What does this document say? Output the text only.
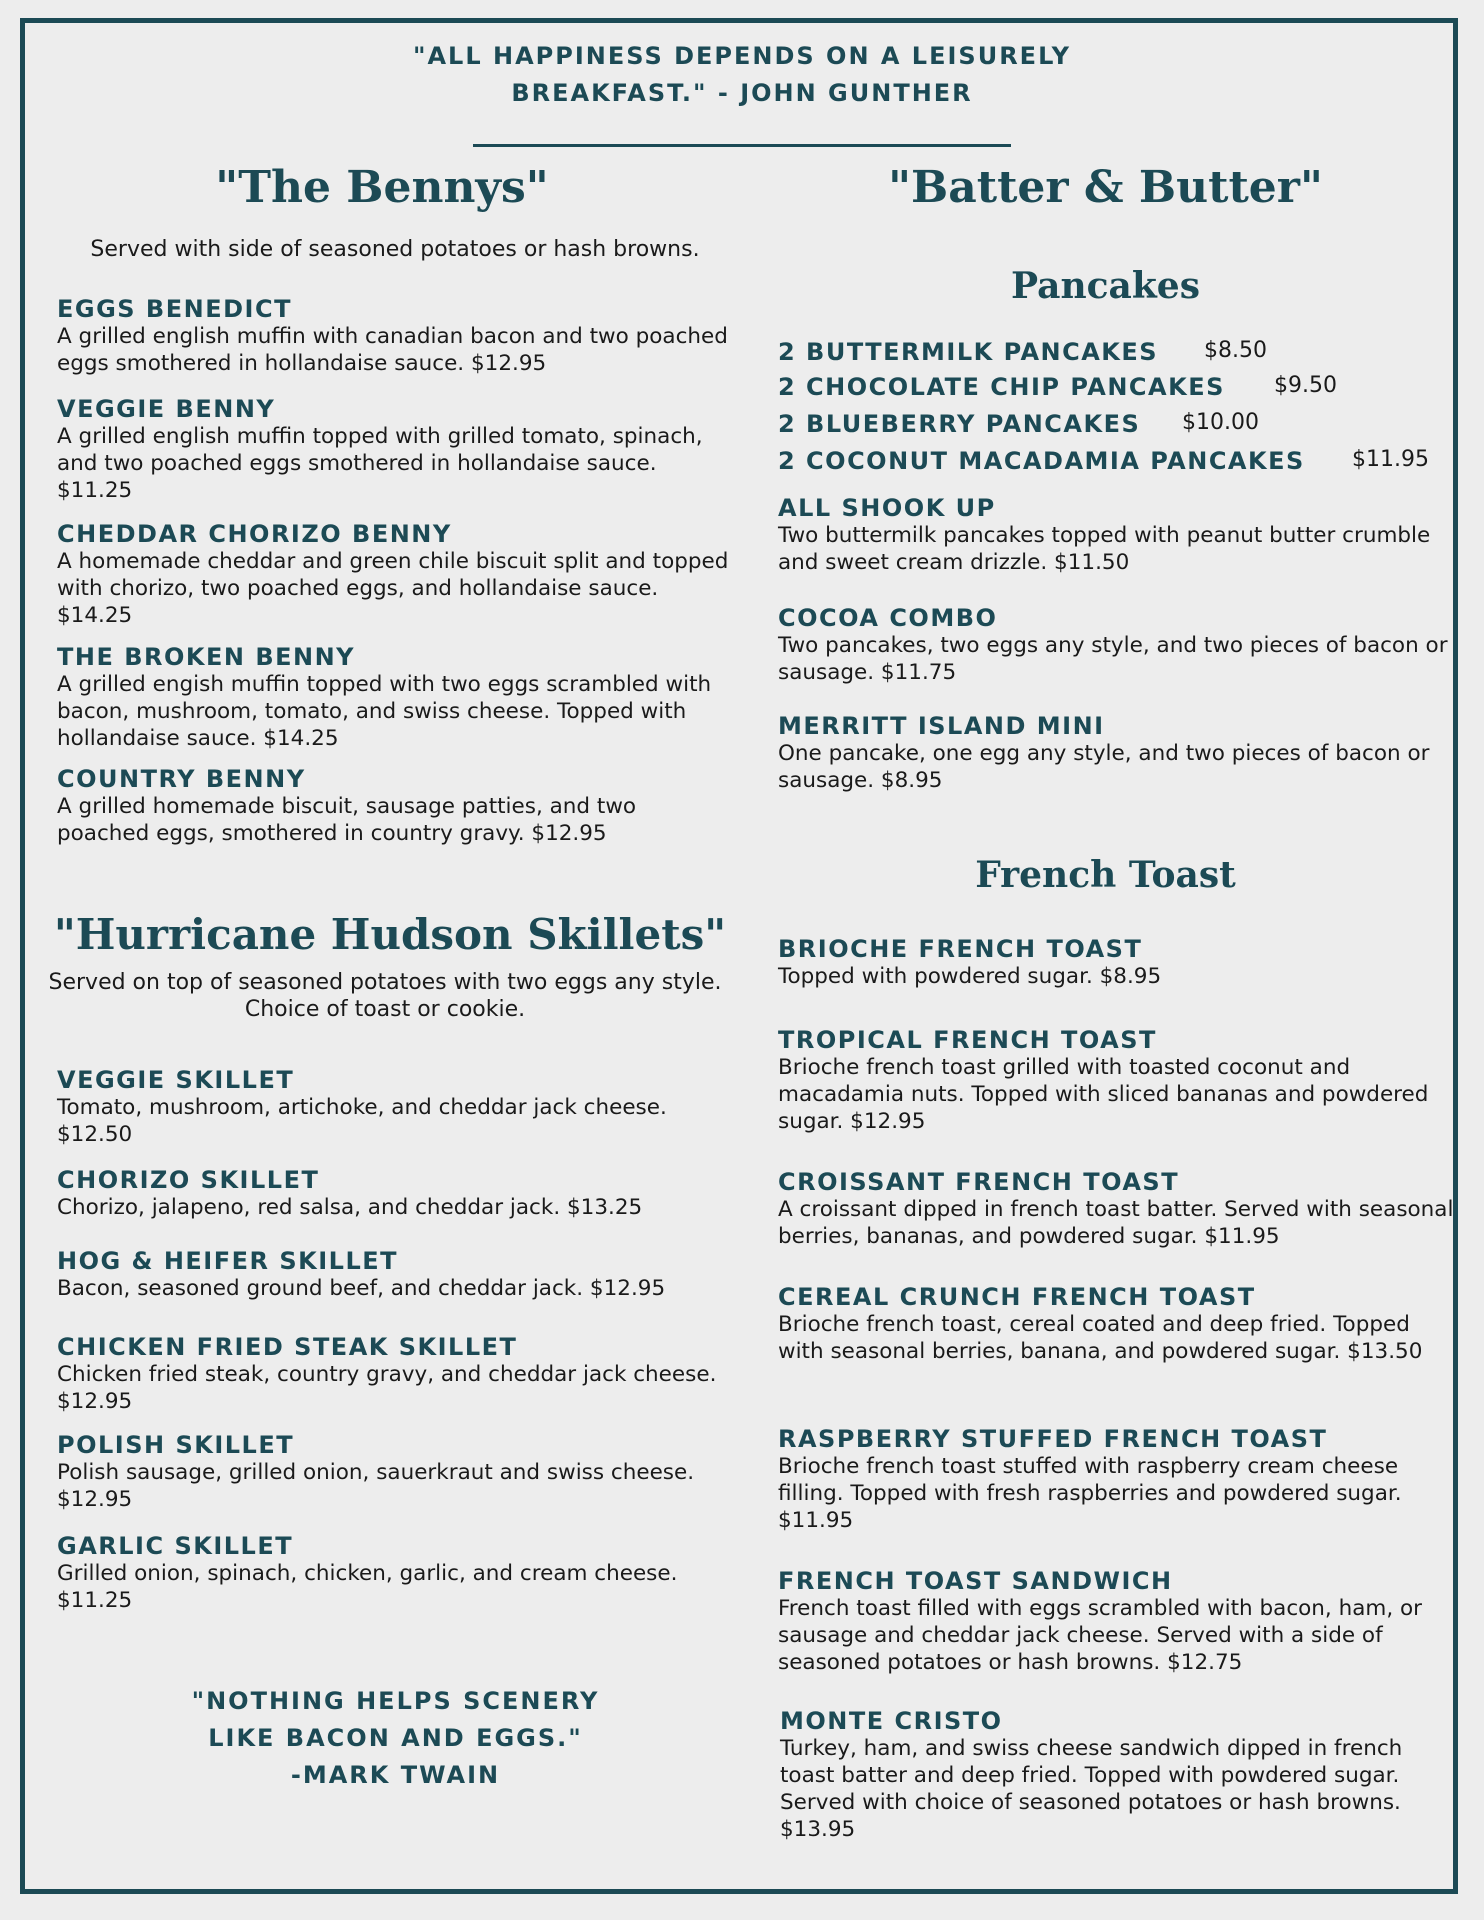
"ALL HAPPINESS DEPENDS ON A LEISURELY
BREAKFAST." - JOHN GUNTHER
"The Bennys"
Served with side of seasoned potatoes or hash browns.
EGGS BENEDICT
A grilled english muffin with canadian bacon and two poached eggs smothered in hollandaise sauce. $12.95
VEGGIE BENNY
A grilled english muffin topped with grilled tomato, spinach, and two poached eggs smothered in hollandaise sauce. $11.25
CHEDDAR CHORIZO BENNY
A homemade cheddar and green chile biscuit split and topped with chorizo, two poached eggs, and hollandaise sauce. $14.25
THE BROKEN BENNY
A grilled engish muffin topped with two eggs scrambled with bacon, mushroom, tomato, and swiss cheese. Topped with hollandaise sauce. $14.25
COUNTRY BENNY
A grilled homemade biscuit, sausage patties, and two poached eggs, smothered in country gravy. $12.95
"Hurricane Hudson Skillets"
Served on top of seasoned potatoes with two eggs any style. Choice of toast or cookie.
VEGGIE SKILLET
Tomato, mushroom, artichoke, and cheddar jack cheese. $12.50
CHORIZO SKILLET
Chorizo, jalapeno, red salsa, and cheddar jack. $13.25
HOG & HEIFER SKILLET
Bacon, seasoned ground beef, and cheddar jack. $12.95
CHICKEN FRIED STEAK SKILLET
Chicken fried steak, country gravy, and cheddar jack cheese. $12.95
POLISH SKILLET
Polish sausage, grilled onion, sauerkraut and swiss cheese. $12.95
GARLIC SKILLET
Grilled onion, spinach, chicken, garlic, and cream cheese. $11.25
"NOTHING HELPS SCENERY
LIKE BACON AND EGGS."
-MARK TWAIN
"Batter & Butter"
Pancakes
2 BUTTERMILK PANCAKES $8.50
2 CHOCOLATE CHIP PANCAKES $9.50
2 BLUEBERRY PANCAKES $10.00
2 COCONUT MACADAMIA PANCAKES $11.95
ALL SHOOK UP
Two buttermilk pancakes topped with peanut butter crumble and sweet cream drizzle. $11.50
COCOA COMBO
Two pancakes, two eggs any style, and two pieces of bacon or sausage. $11.75
MERRITT ISLAND MINI
One pancake, one egg any style, and two pieces of bacon or sausage. $8.95
French Toast
BRIOCHE FRENCH TOAST
Topped with powdered sugar. $8.95
TROPICAL FRENCH TOAST
Brioche french toast grilled with toasted coconut and macadamia nuts. Topped with sliced bananas and powdered sugar. $12.95
CROISSANT FRENCH TOAST
A croissant dipped in french toast batter. Served with seasonal berries, bananas, and powdered sugar. $11.95
CEREAL CRUNCH FRENCH TOAST
Brioche french toast, cereal coated and deep fried. Topped with seasonal berries, banana, and powdered sugar. $13.50
RASPBERRY STUFFED FRENCH TOAST
Brioche french toast stuffed with raspberry cream cheese filling. Topped with fresh raspberries and powdered sugar. $11.95
FRENCH TOAST SANDWICH
French toast filled with eggs scrambled with bacon, ham, or sausage and cheddar jack cheese. Served with a side of seasoned potatoes or hash browns. $12.75
MONTE CRISTO
Turkey, ham, and swiss cheese sandwich dipped in french toast batter and deep fried. Topped with powdered sugar. Served with choice of seasoned potatoes or hash browns. $13.95
